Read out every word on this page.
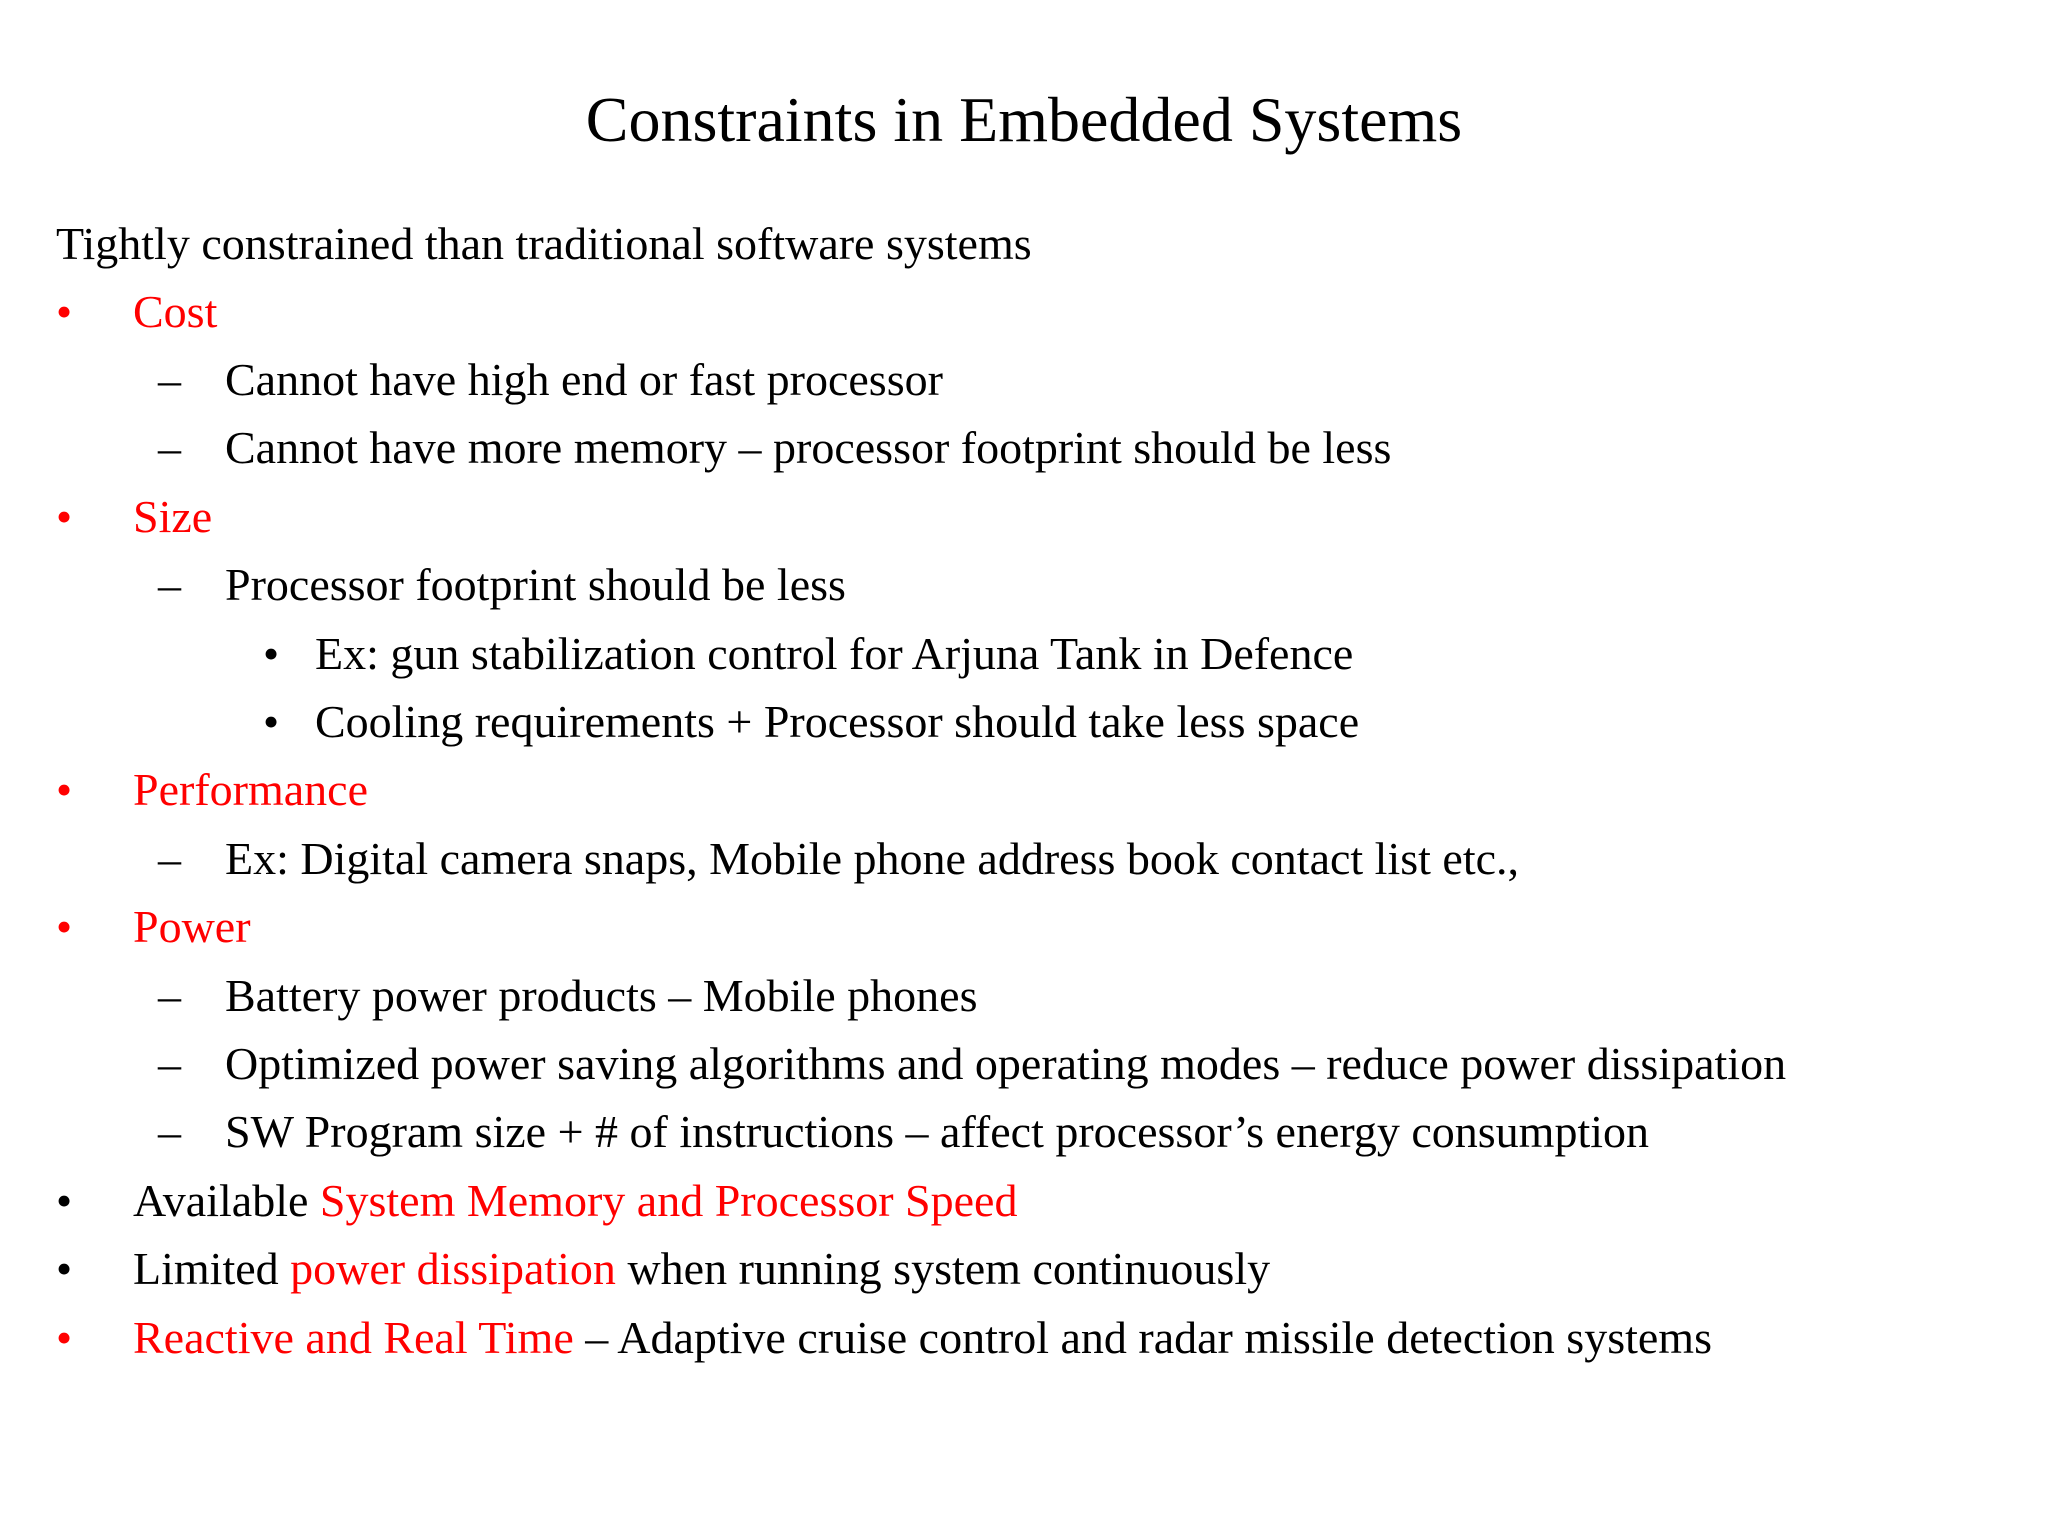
Constraints in Embedded Systems
Tightly constrained than traditional software systems
• Cost
– Cannot have high end or fast processor
– Cannot have more memory – processor footprint should be less
• Size
– Processor footprint should be less
• Ex: gun stabilization control for Arjuna Tank in Defence
• Cooling requirements + Processor should take less space
• Performance
– Ex: Digital camera snaps, Mobile phone address book contact list etc.,
• Power
– Battery power products – Mobile phones
– Optimized power saving algorithms and operating modes – reduce power dissipation
– SW Program size + # of instructions – affect processor’s energy consumption
• Available System Memory and Processor Speed
• Limited power dissipation when running system continuously
• Reactive and Real Time – Adaptive cruise control and radar missile detection systems
